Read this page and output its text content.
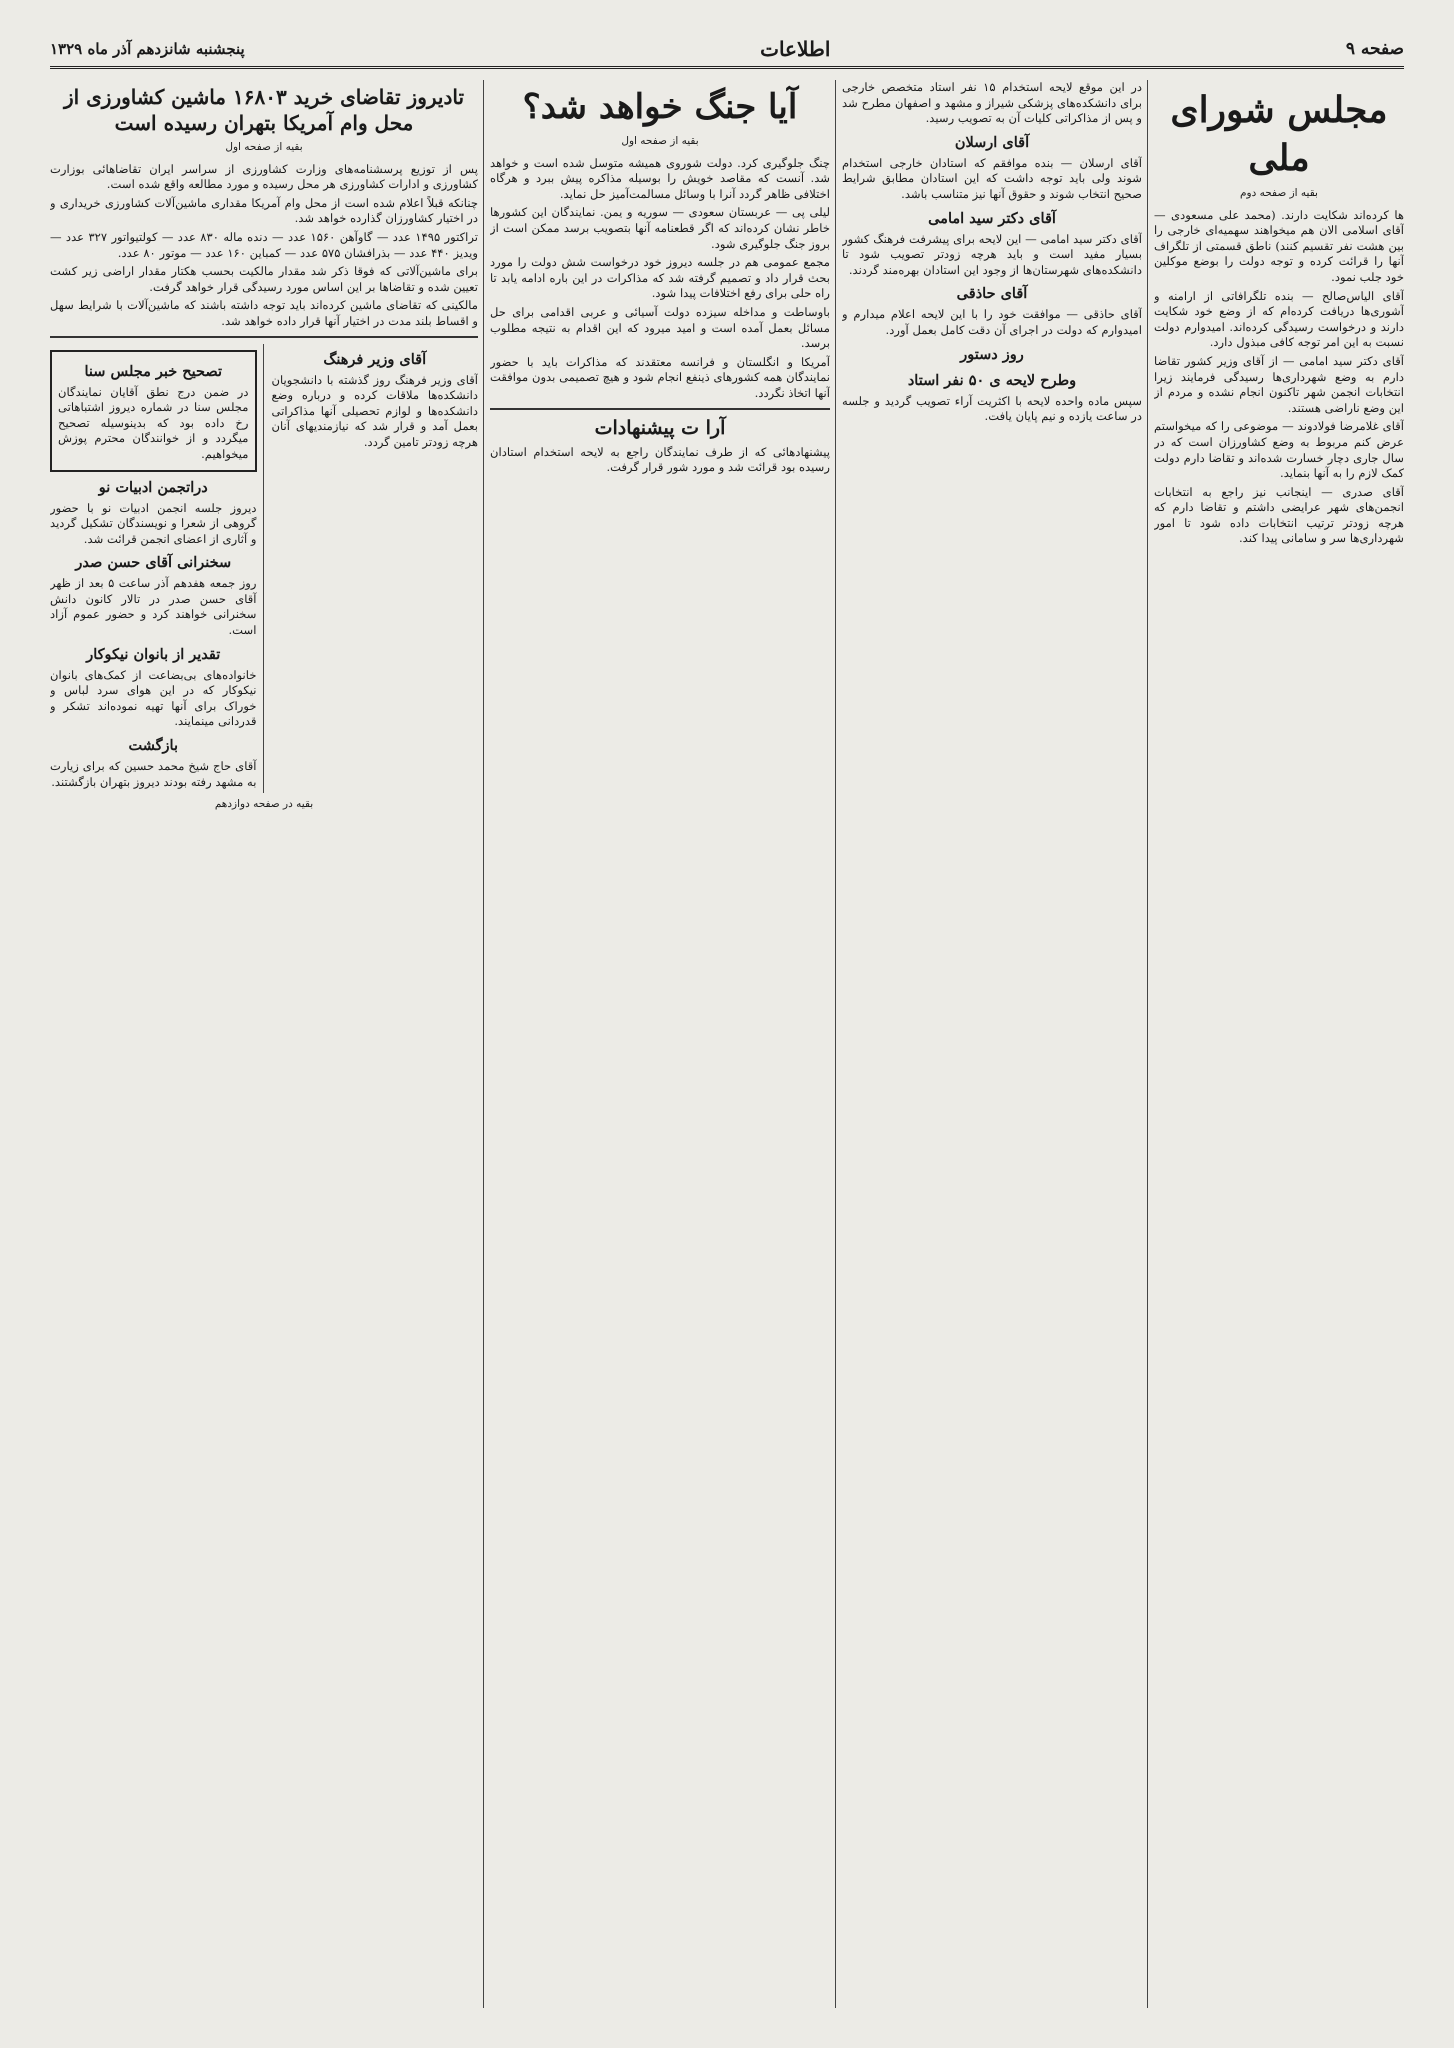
صفحه ۹
اطلاعات
پنجشنبه شانزدهم آذر ماه ۱۳۲۹
مجلس شورای ملی
بقیه از صفحه دوم

ها کرده‌اند شکایت دارند. (محمد علی مسعودی — آقای اسلامی الان هم میخواهند سهمیه‌ای خارجی را بین هشت نفر تقسیم کنند) ناطق قسمتی از تلگراف آنها را قرائت کرده و توجه دولت را بوضع موکلین خود جلب نمود.

آقای الیاس‌صالح — بنده تلگرافاتی از ارامنه و آشوری‌ها دریافت کرده‌ام که از وضع خود شکایت دارند و درخواست رسیدگی کرده‌اند. امیدوارم دولت نسبت به این امر توجه کافی مبذول دارد.

آقای دکتر سید امامی — از آقای وزیر کشور تقاضا دارم به وضع شهرداری‌ها رسیدگی فرمایند زیرا انتخابات انجمن شهر تاکنون انجام نشده و مردم از این وضع ناراضی هستند.

آقای غلامرضا فولادوند — موضوعی را که میخواستم عرض کنم مربوط به وضع کشاورزان است که در سال جاری دچار خسارت شده‌اند و تقاضا دارم دولت کمک لازم را به آنها بنماید.

آقای صدری — اینجانب نیز راجع به انتخابات انجمن‌های شهر عرایضی داشتم و تقاضا دارم که هرچه زودتر ترتیب انتخابات داده شود تا امور شهرداری‌ها سر و سامانی پیدا کند.

در این موقع لایحه استخدام ۱۵ نفر استاد متخصص خارجی برای دانشکده‌های پزشکی شیراز و مشهد و اصفهان مطرح شد و پس از مذاکراتی کلیات آن به تصویب رسید.

آقای ارسلان

آقای ارسلان — بنده موافقم که استادان خارجی استخدام شوند ولی باید توجه داشت که این استادان مطابق شرایط صحیح انتخاب شوند و حقوق آنها نیز متناسب باشد.

آقای دکتر سید امامی

آقای دکتر سید امامی — این لایحه برای پیشرفت فرهنگ کشور بسیار مفید است و باید هرچه زودتر تصویب شود تا دانشکده‌های شهرستان‌ها از وجود این استادان بهره‌مند گردند.

آقای حاذقی

آقای حاذقی — موافقت خود را با این لایحه اعلام میدارم و امیدوارم که دولت در اجرای آن دقت کامل بعمل آورد.

روز دستور
وطرح لایحه ی ۵۰ نفر استاد

سپس ماده واحده لایحه با اکثریت آراء تصویب گردید و جلسه در ساعت یازده و نیم پایان یافت.

آیا جنگ خواهد شد؟
بقیه از صفحه اول

چنگ جلوگیری کرد. دولت شوروی همیشه متوسل شده است و خواهد شد. آنست که مقاصد خویش را بوسیله مذاکره پیش ببرد و هرگاه اختلافی ظاهر گردد آنرا با وسائل مسالمت‌آمیز حل نماید.

لیلی پی — عربستان سعودی — سوریه و یمن. نمایندگان این کشورها خاطر نشان کرده‌اند که اگر قطعنامه آنها بتصویب برسد ممکن است از بروز جنگ جلوگیری شود.

مجمع عمومی هم در جلسه دیروز خود درخواست شش دولت را مورد بحث قرار داد و تصمیم گرفته شد که مذاکرات در این باره ادامه یابد تا راه حلی برای رفع اختلافات پیدا شود.

باوساطت و مداخله سیزده دولت آسیائی و عربی اقدامی برای حل مسائل بعمل آمده است و امید میرود که این اقدام به نتیجه مطلوب برسد.

آمریکا و انگلستان و فرانسه معتقدند که مذاکرات باید با حضور نمایندگان همه کشورهای ذینفع انجام شود و هیچ تصمیمی بدون موافقت آنها اتخاذ نگردد.

آرا ت پیشنهادات

پیشنهادهائی که از طرف نمایندگان راجع به لایحه استخدام استادان رسیده بود قرائت شد و مورد شور قرار گرفت.

تادیروز تقاضای خرید ۱۶۸۰۳ ماشین کشاورزی از محل وام آمریکا بتهران رسیده است
بقیه از صفحه اول

پس از توزیع پرسشنامه‌های وزارت کشاورزی از سراسر ایران تقاضاهائی بوزارت کشاورزی و ادارات کشاورزی هر محل رسیده و مورد مطالعه واقع شده است.

چنانکه قبلاً اعلام شده است از محل وام آمریکا مقداری ماشین‌آلات کشاورزی خریداری و در اختیار کشاورزان گذارده خواهد شد.

تراکتور ۱۴۹۵ عدد — گاوآهن ۱۵۶۰ عدد — دنده ماله ۸۳۰ عدد — کولتیواتور ۳۲۷ عدد — ویدیز ۴۴۰ عدد — بذرافشان ۵۷۵ عدد — کمباین ۱۶۰ عدد — موتور ۸۰ عدد.

برای ماشین‌آلاتی که فوقا ذکر شد مقدار مالکیت بحسب هکتار مقدار اراضی زیر کشت تعیین شده و تقاضاها بر این اساس مورد رسیدگی قرار خواهد گرفت.

مالکینی که تقاضای ماشین کرده‌اند باید توجه داشته باشند که ماشین‌آلات با شرایط سهل و اقساط بلند مدت در اختیار آنها قرار داده خواهد شد.

آقای وزیر فرهنگ

آقای وزیر فرهنگ روز گذشته با دانشجویان دانشکده‌ها ملاقات کرده و درباره وضع دانشکده‌ها و لوازم تحصیلی آنها مذاکراتی بعمل آمد و قرار شد که نیازمندیهای آنان هرچه زودتر تامین گردد.

تصحیح خبر مجلس سنا

در ضمن درج نطق آقایان نمایندگان مجلس سنا در شماره دیروز اشتباهاتی رخ داده بود که بدینوسیله تصحیح میگردد و از خوانندگان محترم پوزش میخواهیم.

دراتجمن ادبیات نو

دیروز جلسه انجمن ادبیات نو با حضور گروهی از شعرا و نویسندگان تشکیل گردید و آثاری از اعضای انجمن قرائت شد.

سخنرانی آقای حسن صدر

روز جمعه هفدهم آذر ساعت ۵ بعد از ظهر آقای حسن صدر در تالار کانون دانش سخنرانی خواهند کرد و حضور عموم آزاد است.

تقدیر از بانوان نیکوکار

خانواده‌های بی‌بضاعت از کمک‌های بانوان نیکوکار که در این هوای سرد لباس و خوراک برای آنها تهیه نموده‌اند تشکر و قدردانی مینمایند.

بازگشت

آقای حاج شیخ محمد حسین که برای زیارت به مشهد رفته بودند دیروز بتهران بازگشتند.

بقیه در صفحه دوازدهم
